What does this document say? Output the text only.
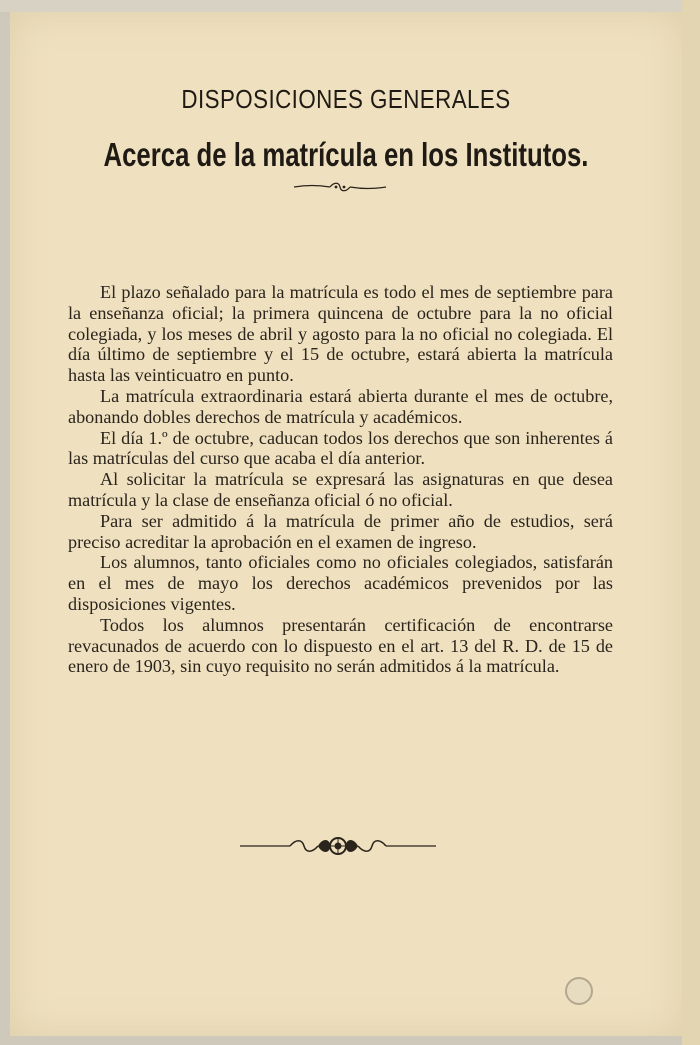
DISPOSICIONES GENERALES
Acerca de la matrícula en los Institutos.

El plazo señalado para la matrícula es todo el mes de septiembre para la enseñanza oficial; la primera quincena de octubre para la no oficial colegiada, y los meses de abril y agosto para la no oficial no colegiada. El día último de septiembre y el 15 de octubre, estará abierta la matrícula hasta las veinticuatro en punto.

La matrícula extraordinaria estará abierta durante el mes de octubre, abonando dobles derechos de matrícula y académicos.

El día 1.º de octubre, caducan todos los derechos que son inherentes á las matrículas del curso que acaba el día anterior.

Al solicitar la matrícula se expresará las asignaturas en que desea matrícula y la clase de enseñanza oficial ó no oficial.

Para ser admitido á la matrícula de primer año de estudios, será preciso acreditar la aprobación en el examen de ingreso.

Los alumnos, tanto oficiales como no oficiales colegiados, satisfarán en el mes de mayo los derechos académicos prevenidos por las disposiciones vigentes.

Todos los alumnos presentarán certificación de encontrarse revacunados de acuerdo con lo dispuesto en el art. 13 del R. D. de 15 de enero de 1903, sin cuyo requisito no serán admitidos á la matrícula.
